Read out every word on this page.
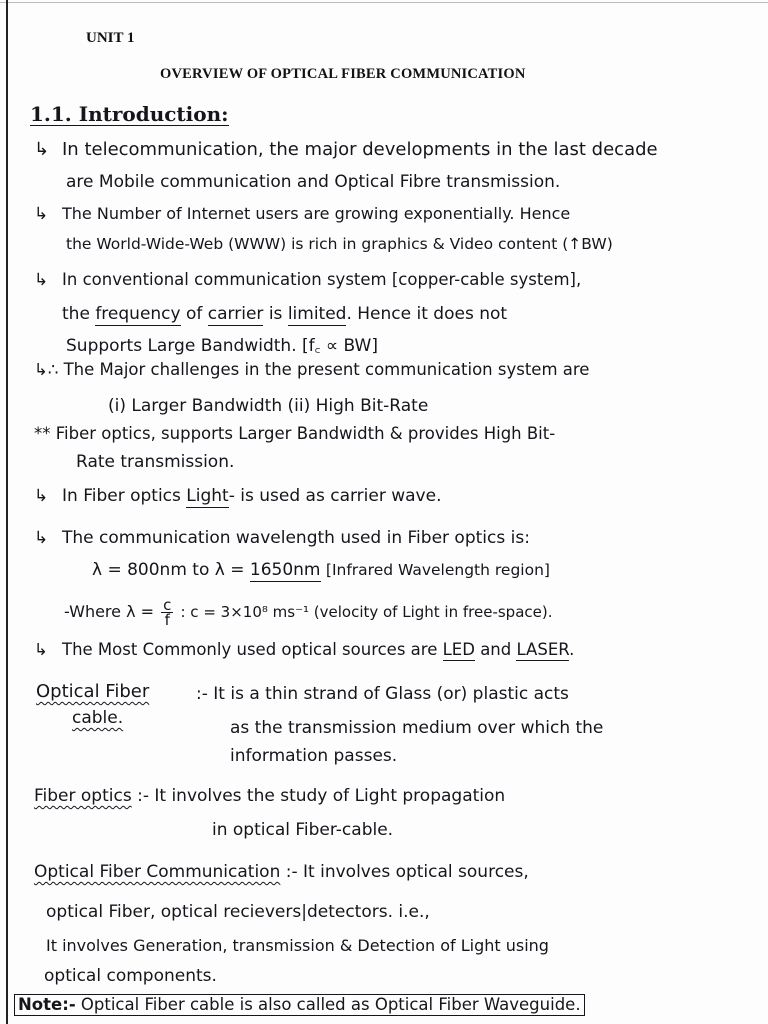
UNIT 1
OVERVIEW OF OPTICAL FIBER COMMUNICATION
1.1. Introduction:
↳ In telecommunication, the major developments in the last decade
are Mobile communication and Optical Fibre transmission.
↳ The Number of Internet users are growing exponentially. Hence
the World-Wide-Web (WWW) is rich in graphics & Video content (↑BW)
↳ In conventional communication system [copper-cable system],
the frequency of carrier is limited. Hence it does not
Supports Large Bandwidth. [f꜀ ∝ BW]
↳∴ The Major challenges in the present communication system are
(i) Larger Bandwidth (ii) High Bit-Rate
** Fiber optics, supports Larger Bandwidth & provides High Bit-
Rate transmission.
↳ In Fiber optics Light- is used as carrier wave.
↳ The communication wavelength used in Fiber optics is:
λ = 800nm to λ = 1650nm [Infrared Wavelength region]
-Where $\lambda = \frac{c}{f}$ : c = 3×10⁸ ms⁻¹ (velocity of Light in free-space).
↳ The Most Commonly used optical sources are LED and LASER.
Optical Fiber
cable.
:- It is a thin strand of Glass (or) plastic acts
as the transmission medium over which the
information passes.
Fiber optics :- It involves the study of Light propagation
in optical Fiber-cable.
Optical Fiber Communication :- It involves optical sources,
optical Fiber, optical recievers|detectors. i.e.,
It involves Generation, transmission & Detection of Light using
optical components.
Note:- Optical Fiber cable is also called as Optical Fiber Waveguide.
